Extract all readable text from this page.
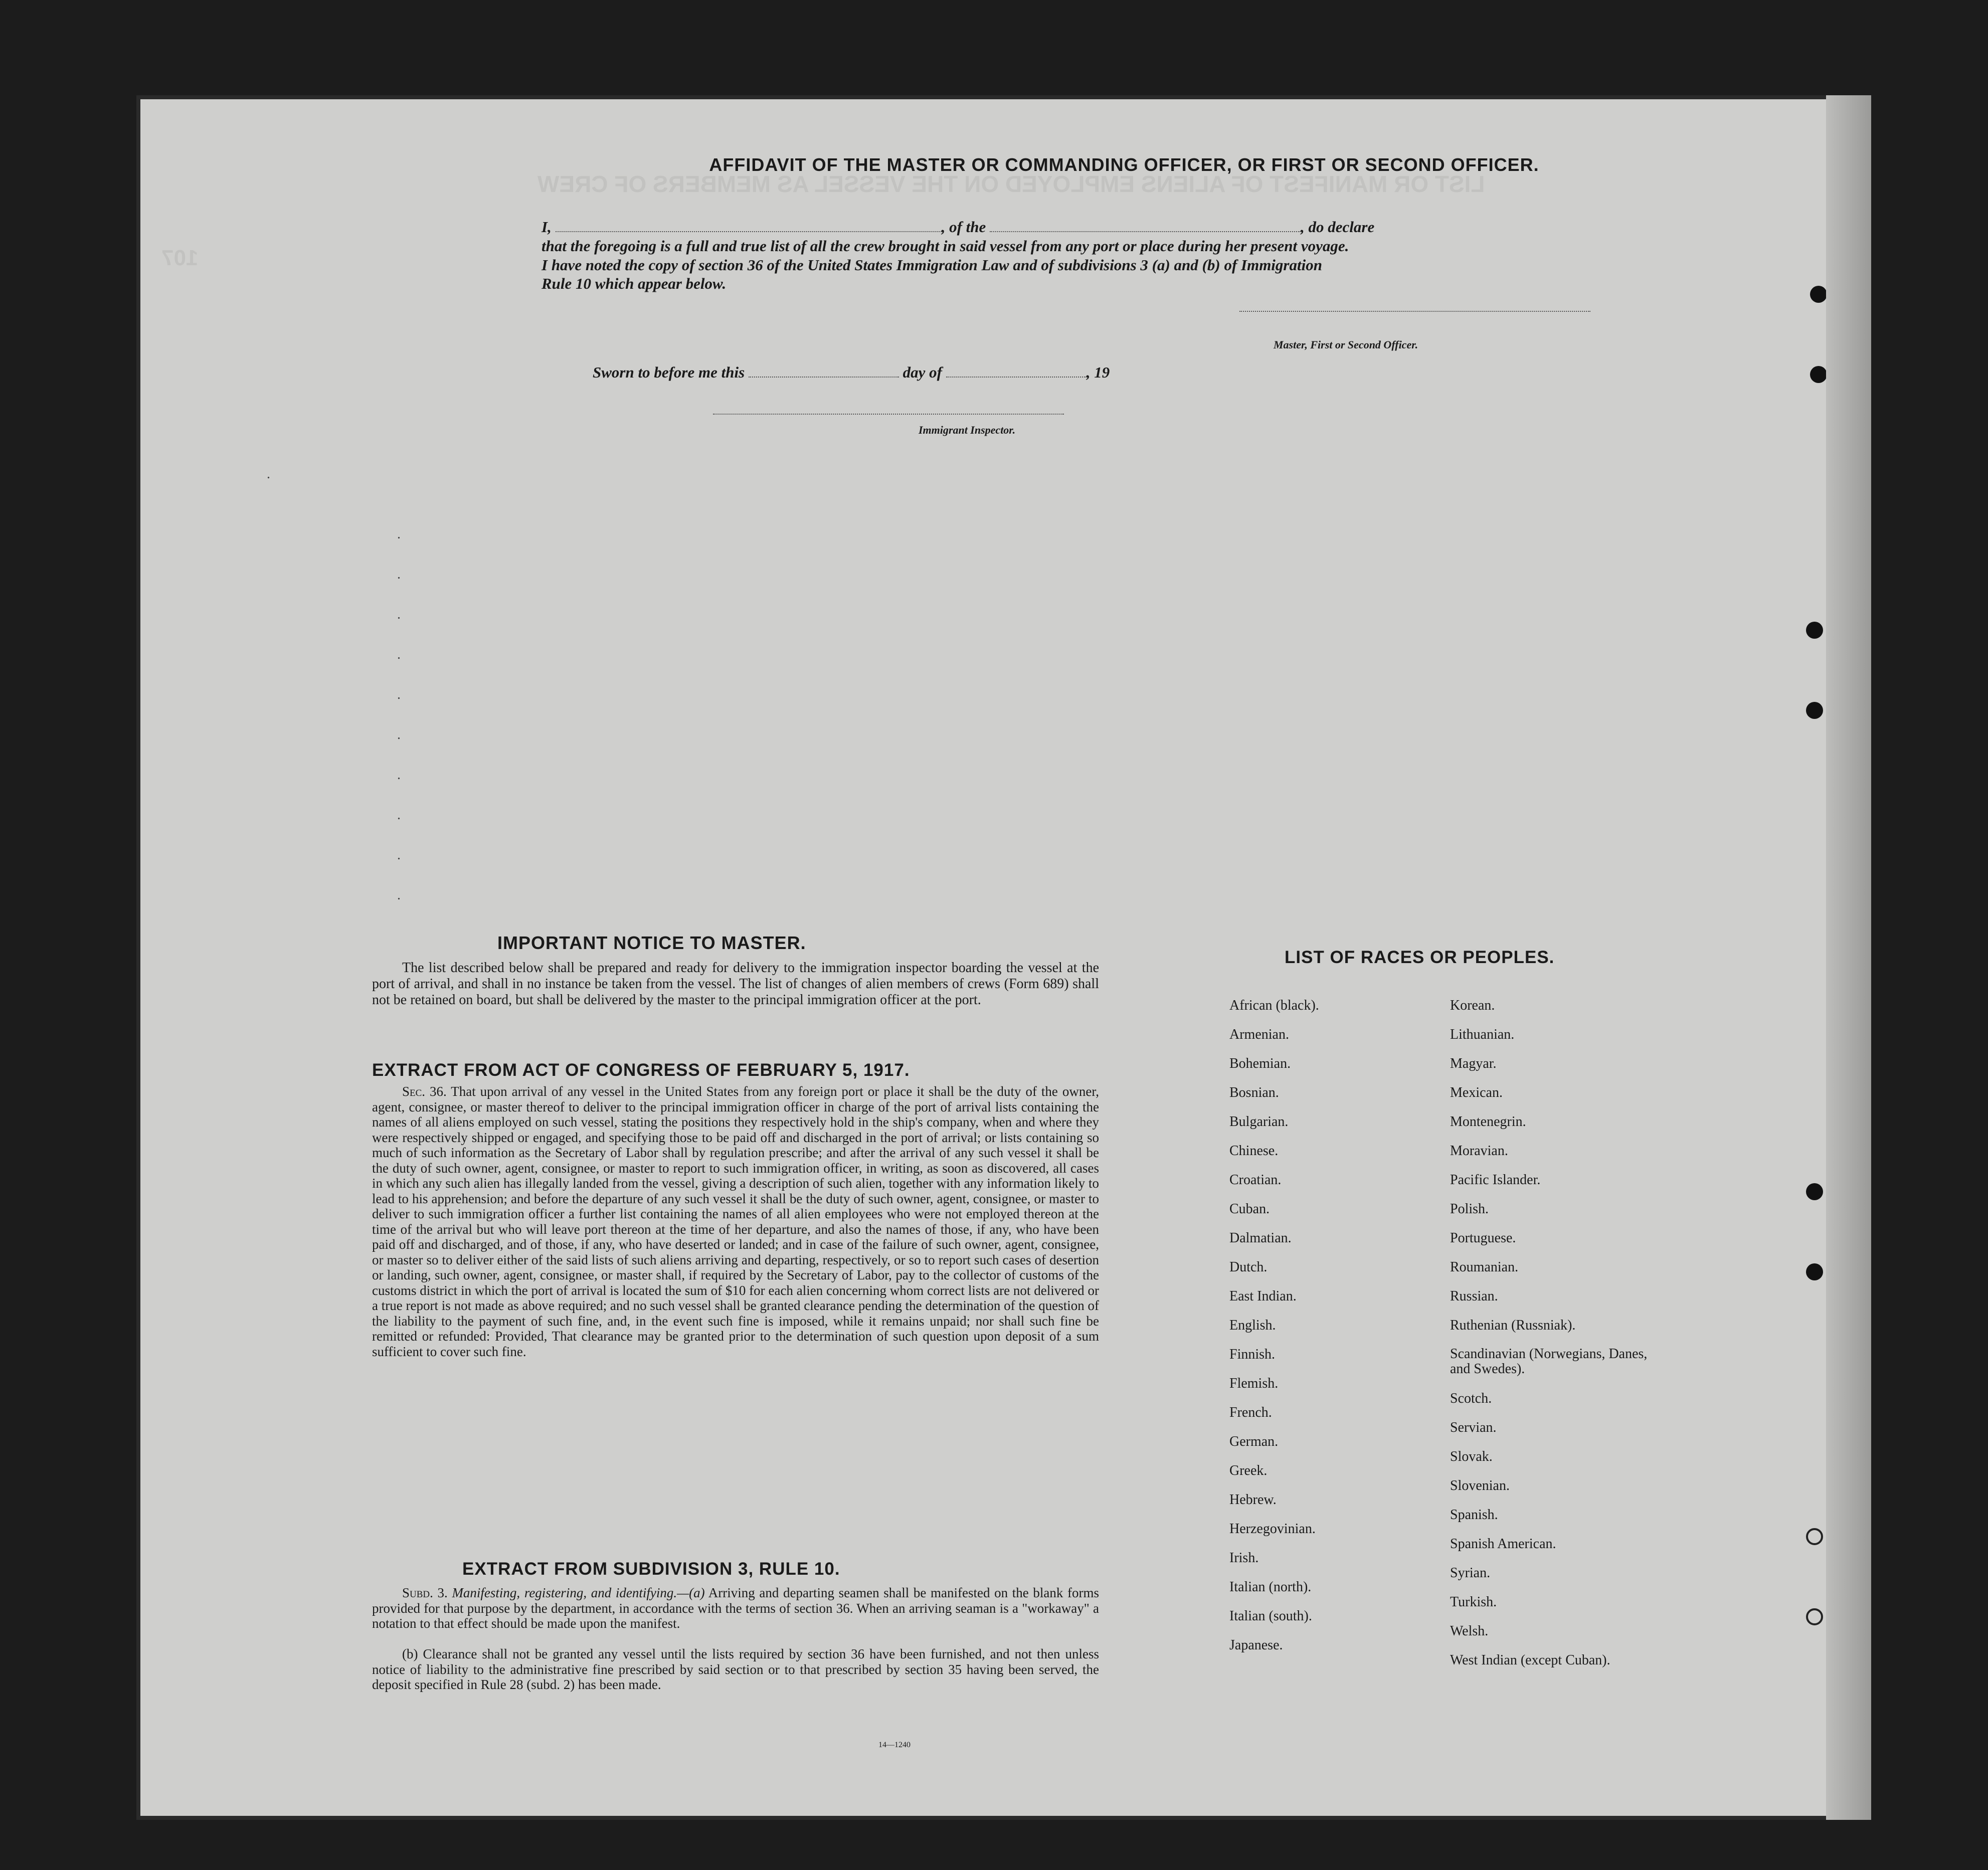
LIST OR MANIFEST OF ALIENS EMPLOYED ON THE VESSEL AS MEMBERS OF CREW
107
AFFIDAVIT OF THE MASTER OR COMMANDING OFFICER, OR FIRST OR SECOND OFFICER.
I,	, of the	, do declare
that the foregoing is a full and true list of all the crew brought in said vessel from any port or place during her present voyage.
I have noted the copy of section 36 of the United States Immigration Law and of subdivisions 3 (a) and (b) of Immigration
Rule 10 which appear below.
Master, First or Second Officer.
Sworn to before me this	day of	, 19
Immigrant Inspector.
.
.
.
.
.
.
.
.
.
.
.
IMPORTANT NOTICE TO MASTER.
The list described below shall be prepared and ready for delivery to the immigration inspector boarding the vessel at the port of arrival, and shall in no instance be taken from the vessel. The list of changes of alien members of crews (Form 689) shall not be retained on board, but shall be delivered by the master to the principal immigration officer at the port.
EXTRACT FROM ACT OF CONGRESS OF FEBRUARY 5, 1917.
Sec. 36. That upon arrival of any vessel in the United States from any foreign port or place it shall be the duty of the owner, agent, consignee, or master thereof to deliver to the principal immigration officer in charge of the port of arrival lists containing the names of all aliens employed on such vessel, stating the positions they respectively hold in the ship's company, when and where they were respectively shipped or engaged, and specifying those to be paid off and discharged in the port of arrival; or lists containing so much of such information as the Secretary of Labor shall by regulation prescribe; and after the arrival of any such vessel it shall be the duty of such owner, agent, consignee, or master to report to such immigration officer, in writing, as soon as discovered, all cases in which any such alien has illegally landed from the vessel, giving a description of such alien, together with any information likely to lead to his apprehension; and before the departure of any such vessel it shall be the duty of such owner, agent, consignee, or master to deliver to such immigration officer a further list containing the names of all alien employees who were not employed thereon at the time of the arrival but who will leave port thereon at the time of her departure, and also the names of those, if any, who have been paid off and discharged, and of those, if any, who have deserted or landed; and in case of the failure of such owner, agent, consignee, or master so to deliver either of the said lists of such aliens arriving and departing, respectively, or so to report such cases of desertion or landing, such owner, agent, consignee, or master shall, if required by the Secretary of Labor, pay to the collector of customs of the customs district in which the port of arrival is located the sum of $10 for each alien concerning whom correct lists are not delivered or a true report is not made as above required; and no such vessel shall be granted clearance pending the determination of the question of the liability to the payment of such fine, and, in the event such fine is imposed, while it remains unpaid; nor shall such fine be remitted or refunded: Provided, That clearance may be granted prior to the determination of such question upon deposit of a sum sufficient to cover such fine.
EXTRACT FROM SUBDIVISION 3, RULE 10.
Subd. 3. Manifesting, registering, and identifying.—(a) Arriving and departing seamen shall be manifested on the blank forms provided for that purpose by the department, in accordance with the terms of section 36. When an arriving seaman is a "workaway" a notation to that effect should be made upon the manifest.
(b) Clearance shall not be granted any vessel until the lists required by section 36 have been furnished, and not then unless notice of liability to the administrative fine prescribed by said section or to that prescribed by section 35 having been served, the deposit specified in Rule 28 (subd. 2) has been made.
14—1240
LIST OF RACES OR PEOPLES.
African (black).
Armenian.
Bohemian.
Bosnian.
Bulgarian.
Chinese.
Croatian.
Cuban.
Dalmatian.
Dutch.
East Indian.
English.
Finnish.
Flemish.
French.
German.
Greek.
Hebrew.
Herzegovinian.
Irish.
Italian (north).
Italian (south).
Japanese.
Korean.
Lithuanian.
Magyar.
Mexican.
Montenegrin.
Moravian.
Pacific Islander.
Polish.
Portuguese.
Roumanian.
Russian.
Ruthenian (Russniak).
Scandinavian (Norwegians, Danes, and Swedes).
Scotch.
Servian.
Slovak.
Slovenian.
Spanish.
Spanish American.
Syrian.
Turkish.
Welsh.
West Indian (except Cuban).
